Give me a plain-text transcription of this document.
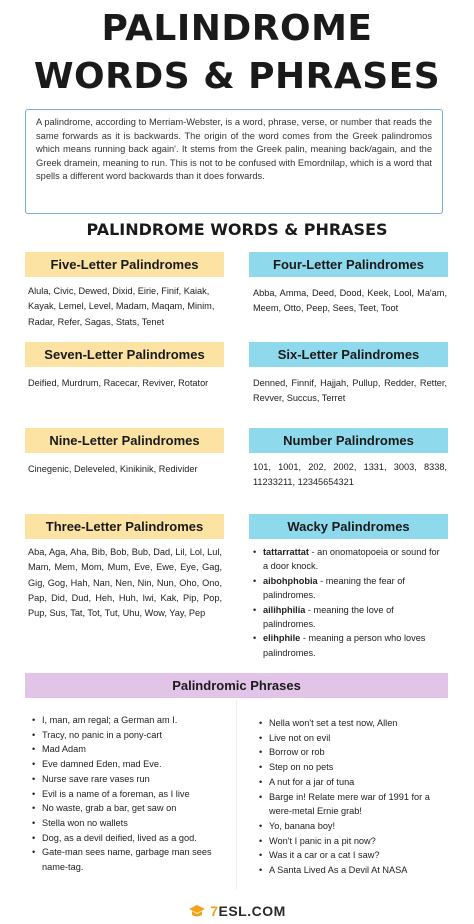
PALINDROME
WORDS & PHRASES
A palindrome, according to Merriam-Webster, is a word, phrase, verse, or number that reads the same forwards as it is backwards. The origin of the word comes from the Greek palindromos which means running back again'. It stems from the Greek palin, meaning back/again, and the Greek dramein, meaning to run. This is not to be confused with Emordnilap, which is a word that spells a different word backwards than it does forwards.
PALINDROME WORDS & PHRASES
Five-Letter Palindromes
Alula, Civic, Dewed, Dixid, Eirie, Finif, Kaiak, Kayak, Lemel, Level, Madam, Maqam, Minim, Radar, Refer, Sagas, Stats, Tenet
Four-Letter Palindromes
Abba, Amma, Deed, Dood, Keek, Lool, Ma'am, Meem, Otto, Peep, Sees, Teet, Toot
Seven-Letter Palindromes
Deified, Murdrum, Racecar, Reviver, Rotator
Six-Letter Palindromes
Denned, Finnif, Hajjah, Pullup, Redder, Retter, Revver, Succus, Terret
Nine-Letter Palindromes
Cinegenic, Deleveled, Kinikinik, Redivider
Number Palindromes
101, 1001, 202, 2002, 1331, 3003, 8338, 11233211, 12345654321
Three-Letter Palindromes
Aba, Aga, Aha, Bib, Bob, Bub, Dad, Lil, Lol, Lul, Mam, Mem, Mom, Mum, Eve, Ewe, Eye, Gag, Gig, Gog, Hah, Nan, Nen, Nin, Nun, Oho, Ono, Pap, Did, Dud, Heh, Huh, Iwi, Kak, Pip, Pop, Pup, Sus, Tat, Tot, Tut, Uhu, Wow, Yay, Pep
Wacky Palindromes
• tattarrattat - an onomatopoeia or sound for a door knock.
• aibohphobia - meaning the fear of palindromes.
• ailihphilia - meaning the love of palindromes.
• elihphile - meaning a person who loves palindromes.
Palindromic Phrases
• I, man, am regal; a German am I.
• Tracy, no panic in a pony-cart
• Mad Adam
• Eve damned Eden, mad Eve.
• Nurse save rare vases run
• Evil is a name of a foreman, as I live
• No waste, grab a bar, get saw on
• Stella won no wallets
• Dog, as a devil deified, lived as a god.
• Gate-man sees name, garbage man sees name-tag.
• Nella won't set a test now, Allen
• Live not on evil
• Borrow or rob
• Step on no pets
• A nut for a jar of tuna
• Barge in! Relate mere war of 1991 for a were-metal Ernie grab!
• Yo, banana boy!
• Won't I panic in a pit now?
• Was it a car or a cat I saw?
• A Santa Lived As a Devil At NASA
7ESL.COM
